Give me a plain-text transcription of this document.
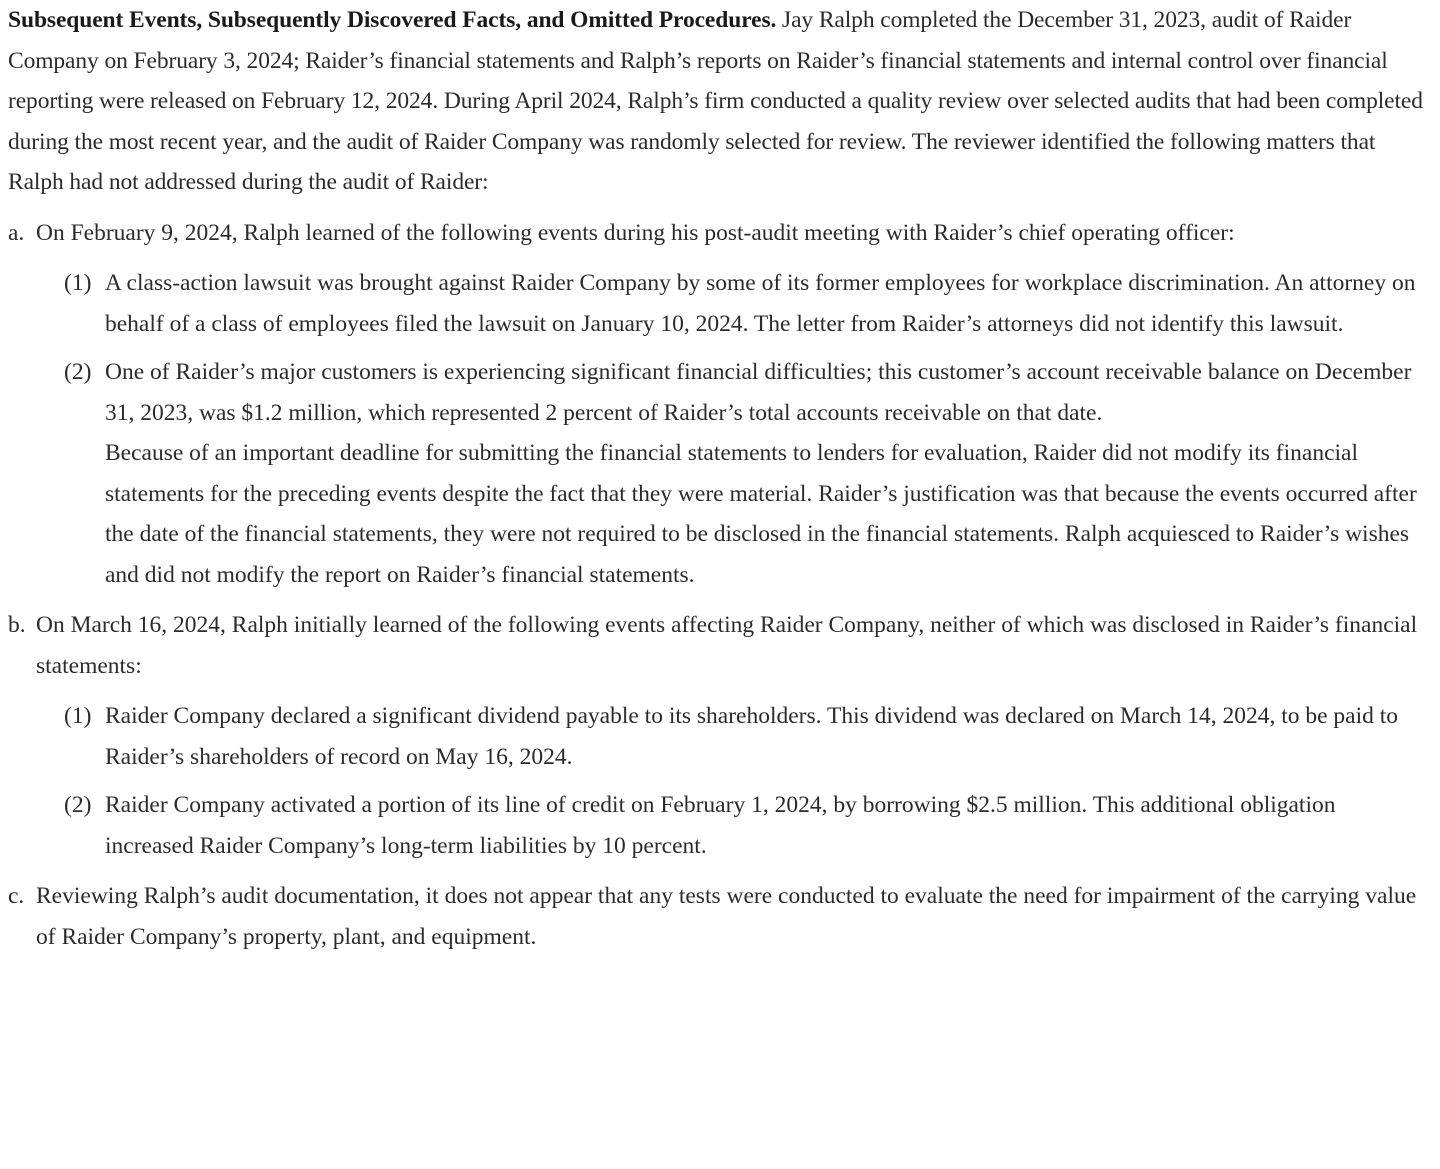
Subsequent Events, Subsequently Discovered Facts, and Omitted Procedures. Jay Ralph completed the December 31, 2023, audit of Raider Company on February 3, 2024; Raider’s financial statements and Ralph’s reports on Raider’s financial statements and internal control over financial reporting were released on February 12, 2024. During April 2024, Ralph’s firm conducted a quality review over selected audits that had been completed during the most recent year, and the audit of Raider Company was randomly selected for review. The reviewer identified the following matters that Ralph had not addressed during the audit of Raider:

a. On February 9, 2024, Ralph learned of the following events during his post-audit meeting with Raider’s chief operating officer:

(1) A class-action lawsuit was brought against Raider Company by some of its former employees for workplace discrimination. An attorney on behalf of a class of employees filed the lawsuit on January 10, 2024. The letter from Raider’s attorneys did not identify this lawsuit.

(2) One of Raider’s major customers is experiencing significant financial difficulties; this customer’s account receivable balance on December 31, 2023, was $1.2 million, which represented 2 percent of Raider’s total accounts receivable on that date.

Because of an important deadline for submitting the financial statements to lenders for evaluation, Raider did not modify its financial statements for the preceding events despite the fact that they were material. Raider’s justification was that because the events occurred after the date of the financial statements, they were not required to be disclosed in the financial statements. Ralph acquiesced to Raider’s wishes and did not modify the report on Raider’s financial statements.

b. On March 16, 2024, Ralph initially learned of the following events affecting Raider Company, neither of which was disclosed in Raider’s financial statements:

(1) Raider Company declared a significant dividend payable to its shareholders. This dividend was declared on March 14, 2024, to be paid to Raider’s shareholders of record on May 16, 2024.

(2) Raider Company activated a portion of its line of credit on February 1, 2024, by borrowing $2.5 million. This additional obligation increased Raider Company’s long-term liabilities by 10 percent.

c. Reviewing Ralph’s audit documentation, it does not appear that any tests were conducted to evaluate the need for impairment of the carrying value of Raider Company’s property, plant, and equipment.
